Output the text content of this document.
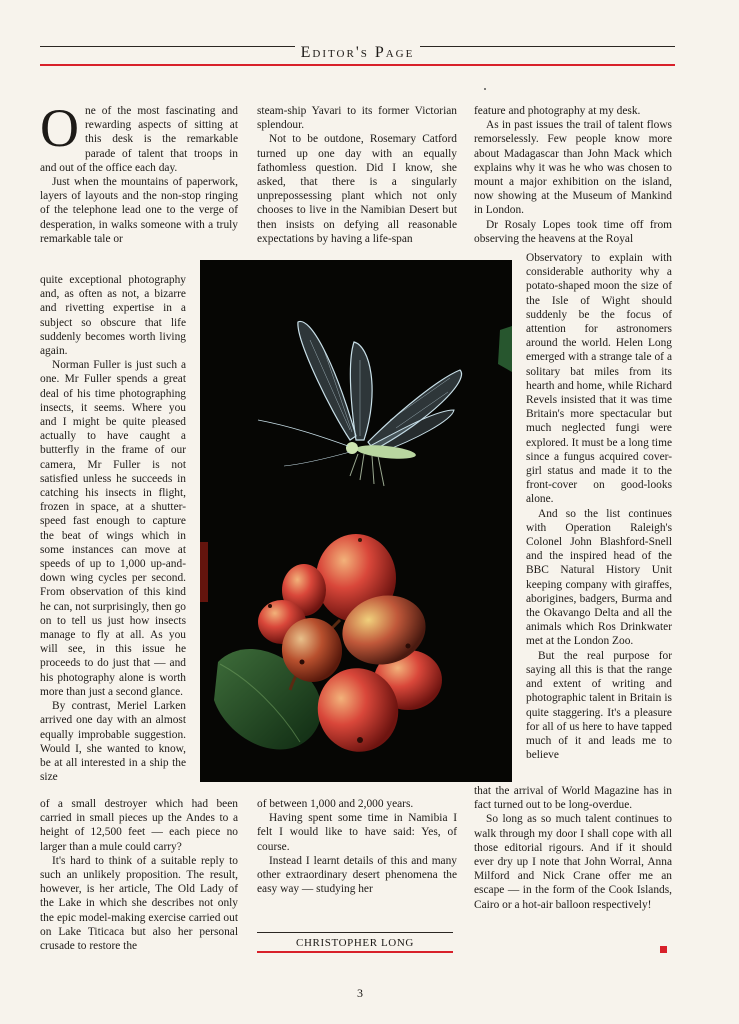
Editor's Page

One of the most fascinating and rewarding aspects of sitting at this desk is the remarkable parade of talent that troops in and out of the office each day.

Just when the mountains of paperwork, layers of layouts and the non-stop ringing of the telephone lead one to the verge of desperation, in walks someone with a truly remarkable tale or

quite exceptional photography and, as often as not, a bizarre and rivetting expertise in a subject so obscure that life suddenly becomes worth living again.

Norman Fuller is just such a one. Mr Fuller spends a great deal of his time photographing insects, it seems. Where you and I might be quite pleased actually to have caught a butterfly in the frame of our camera, Mr Fuller is not satisfied unless he succeeds in catching his insects in flight, frozen in space, at a shutter-speed fast enough to capture the beat of wings which in some instances can move at speeds of up to 1,000 up-and-down wing cycles per second. From observation of this kind he can, not surprisingly, then go on to tell us just how insects manage to fly at all. As you will see, in this issue he proceeds to do just that — and his photography alone is worth more than just a second glance.

By contrast, Meriel Larken arrived one day with an almost equally improbable suggestion. Would I, she wanted to know, be at all interested in a ship the size

of a small destroyer which had been carried in small pieces up the Andes to a height of 12,500 feet — each piece no larger than a mule could carry?

It's hard to think of a suitable reply to such an unlikely proposition. The result, however, is her article, The Old Lady of the Lake in which she describes not only the epic model-making exercise carried out on Lake Titicaca but also her personal crusade to restore the

steam-ship Yavari to its former Victorian splendour.

Not to be outdone, Rosemary Catford turned up one day with an equally fathomless question. Did I know, she asked, that there is a singularly unprepossessing plant which not only chooses to live in the Namibian Desert but then insists on defying all reasonable expectations by having a life-span

of between 1,000 and 2,000 years.

Having spent some time in Namibia I felt I would like to have said: Yes, of course.

Instead I learnt details of this and many other extraordinary desert phenomena the easy way — studying her

CHRISTOPHER LONG

feature and photography at my desk.

As in past issues the trail of talent flows remorselessly. Few people know more about Madagascar than John Mack which explains why it was he who was chosen to mount a major exhibition on the island, now showing at the Museum of Mankind in London.

Dr Rosaly Lopes took time off from observing the heavens at the Royal

Observatory to explain with considerable authority why a potato-shaped moon the size of the Isle of Wight should suddenly be the focus of attention for astronomers around the world. Helen Long emerged with a strange tale of a solitary bat miles from its hearth and home, while Richard Revels insisted that it was time Britain's more spectacular but much neglected fungi were explored. It must be a long time since a fungus acquired cover-girl status and made it to the front-cover on good-looks alone.

And so the list continues with Operation Raleigh's Colonel John Blashford-Snell and the inspired head of the BBC Natural History Unit keeping company with giraffes, aborigines, badgers, Burma and the Okavango Delta and all the animals which Ros Drinkwater met at the London Zoo.

But the real purpose for saying all this is that the range and extent of writing and photographic talent in Britain is quite staggering. It's a pleasure for all of us here to have tapped much of it and leads me to believe

that the arrival of World Magazine has in fact turned out to be long-overdue.

So long as so much talent continues to walk through my door I shall cope with all those editorial rigours. And if it should ever dry up I note that John Worral, Anna Milford and Nick Crane offer me an escape — in the form of the Cook Islands, Cairo or a hot-air balloon respectively!

3
